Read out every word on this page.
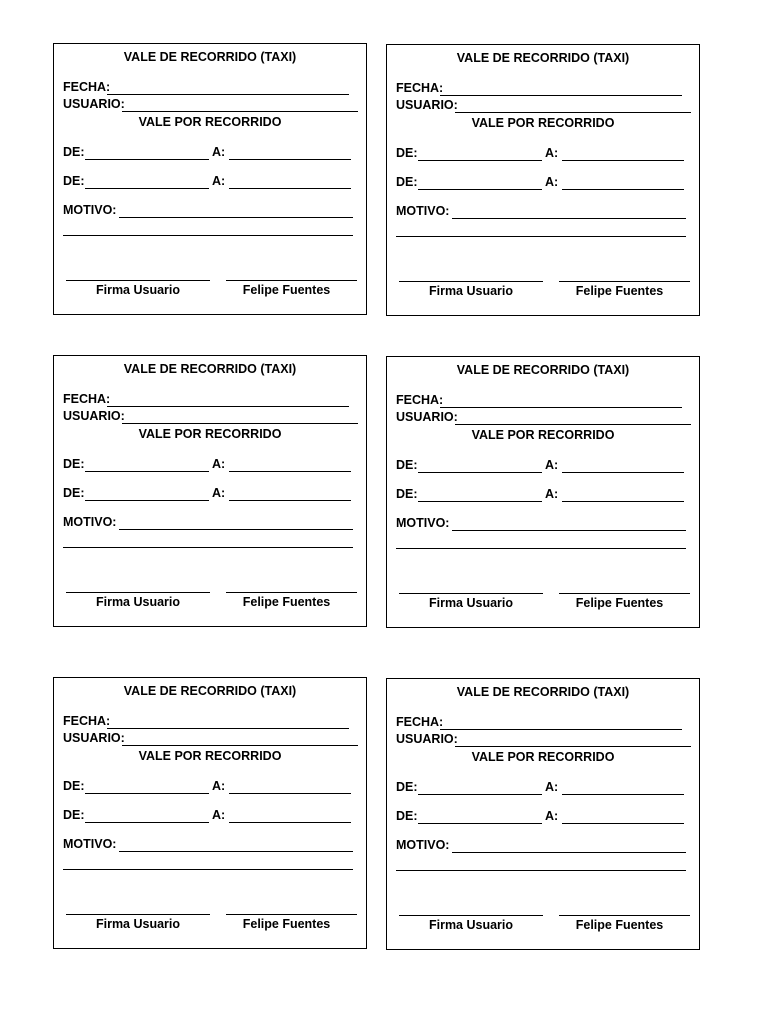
VALE DE RECORRIDO (TAXI)
FECHA:
USUARIO:
VALE POR RECORRIDO
DE:	A:
DE:	A:
MOTIVO:
Firma Usuario	Felipe Fuentes
VALE DE RECORRIDO (TAXI)
FECHA:
USUARIO:
VALE POR RECORRIDO
DE:	A:
DE:	A:
MOTIVO:
Firma Usuario	Felipe Fuentes
VALE DE RECORRIDO (TAXI)
FECHA:
USUARIO:
VALE POR RECORRIDO
DE:	A:
DE:	A:
MOTIVO:
Firma Usuario	Felipe Fuentes
VALE DE RECORRIDO (TAXI)
FECHA:
USUARIO:
VALE POR RECORRIDO
DE:	A:
DE:	A:
MOTIVO:
Firma Usuario	Felipe Fuentes
VALE DE RECORRIDO (TAXI)
FECHA:
USUARIO:
VALE POR RECORRIDO
DE:	A:
DE:	A:
MOTIVO:
Firma Usuario	Felipe Fuentes
VALE DE RECORRIDO (TAXI)
FECHA:
USUARIO:
VALE POR RECORRIDO
DE:	A:
DE:	A:
MOTIVO:
Firma Usuario	Felipe Fuentes
